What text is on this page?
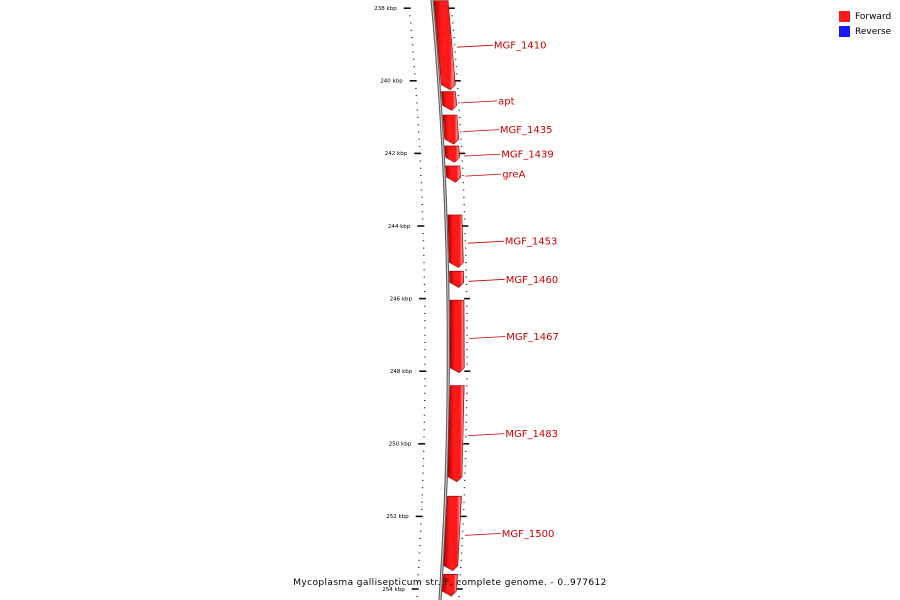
238 kbp
240 kbp
242 kbp
244 kbp
246 kbp
248 kbp
250 kbp
252 kbp
254 kbp
MGF_1410
apt
MGF_1435
MGF_1439
greA
MGF_1453
MGF_1460
MGF_1467
MGF_1483
MGF_1500
Forward
Reverse
Mycoplasma gallisepticum str. F, complete genome. - 0..977612
